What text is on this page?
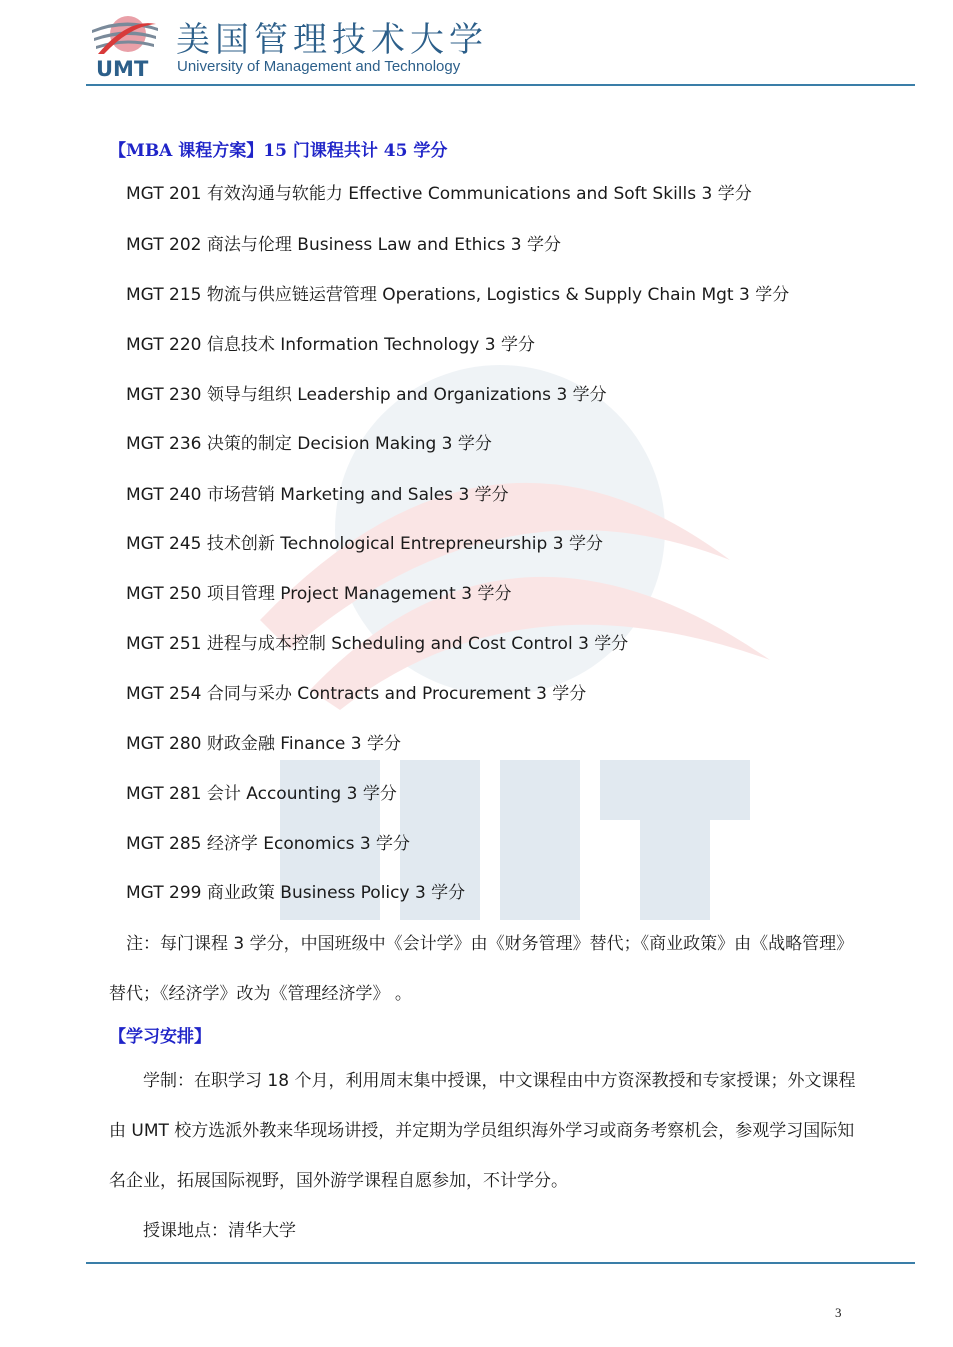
UMT
美国管理技术大学
University of Management and Technology
【MBA 课程方案】15 门课程共计 45 学分
MGT 201 有效沟通与软能力 Effective Communications and Soft Skills 3 学分
MGT 202 商法与伦理 Business Law and Ethics 3 学分
MGT 215 物流与供应链运营管理 Operations, Logistics & Supply Chain Mgt 3 学分
MGT 220 信息技术 Information Technology 3 学分
MGT 230 领导与组织 Leadership and Organizations 3 学分
MGT 236 决策的制定 Decision Making 3 学分
MGT 240 市场营销 Marketing and Sales 3 学分
MGT 245 技术创新 Technological Entrepreneurship 3 学分
MGT 250 项目管理 Project Management 3 学分
MGT 251 进程与成本控制 Scheduling and Cost Control 3 学分
MGT 254 合同与采办 Contracts and Procurement 3 学分
MGT 280 财政金融 Finance 3 学分
MGT 281 会计 Accounting 3 学分
MGT 285 经济学 Economics 3 学分
MGT 299 商业政策 Business Policy 3 学分
注：每门课程 3 学分，中国班级中《会计学》由《财务管理》替代；《商业政策》由《战略管理》
替代；《经济学》改为《管理经济学》 。
【学习安排】
学制：在职学习 18 个月，利用周末集中授课，中文课程由中方资深教授和专家授课；外文课程
由 UMT 校方选派外教来华现场讲授，并定期为学员组织海外学习或商务考察机会，参观学习国际知
名企业，拓展国际视野，国外游学课程自愿参加，不计学分。
授课地点：清华大学
3
